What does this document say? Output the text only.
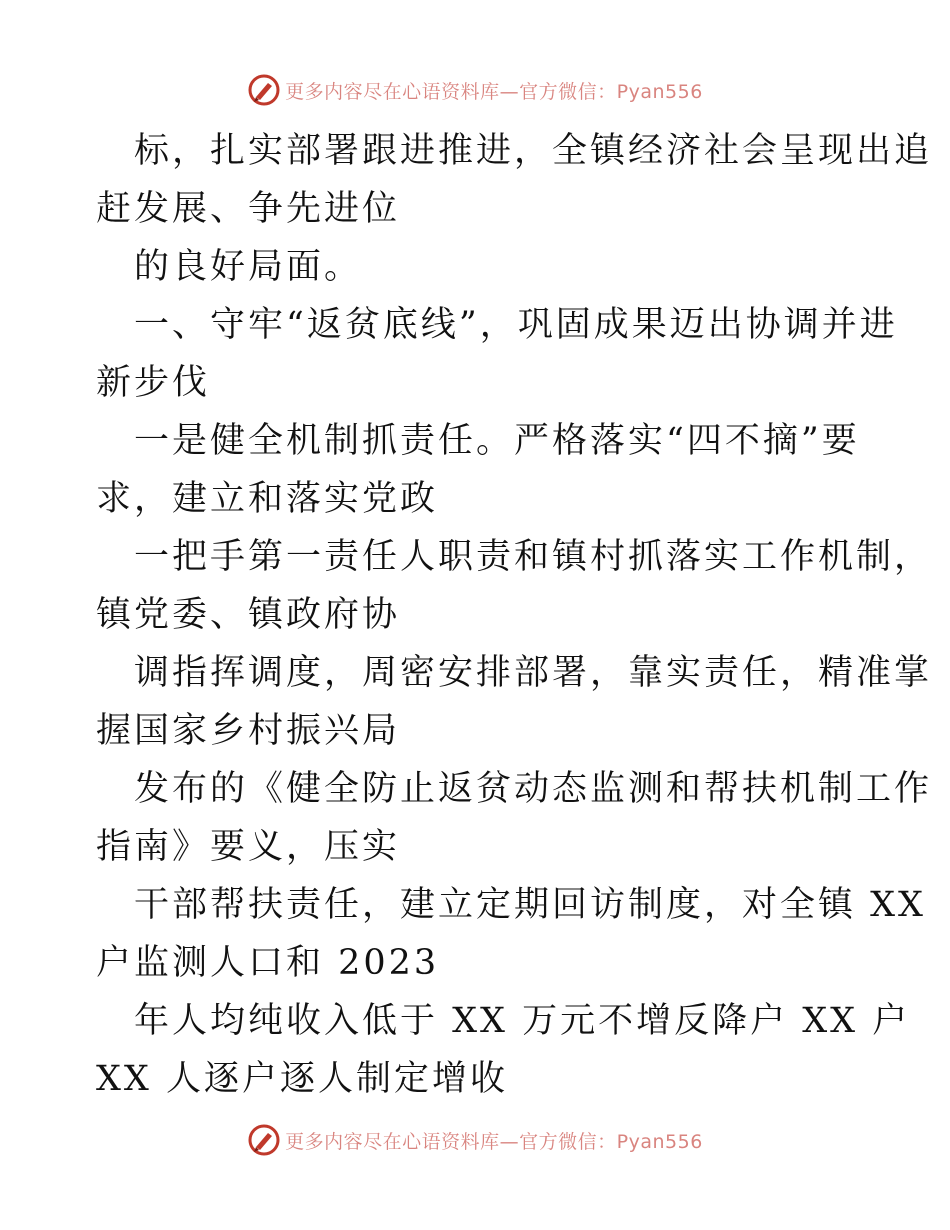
更多内容尽在心语资料库—官方微信：Pyan556
标，扎实部署跟进推进，全镇经济社会呈现出追
赶发展、争先进位
的良好局面。
一、守牢“返贫底线”，巩固成果迈出协调并进
新步伐
一是健全机制抓责任。严格落实“四不摘”要
求，建立和落实党政
一把手第一责任人职责和镇村抓落实工作机制，
镇党委、镇政府协
调指挥调度，周密安排部署，靠实责任，精准掌
握国家乡村振兴局
发布的《健全防止返贫动态监测和帮扶机制工作
指南》要义，压实
干部帮扶责任，建立定期回访制度，对全镇 XX
户监测人口和 2023
年人均纯收入低于 XX 万元不增反降户 XX 户
XX 人逐户逐人制定增收
更多内容尽在心语资料库—官方微信：Pyan556
